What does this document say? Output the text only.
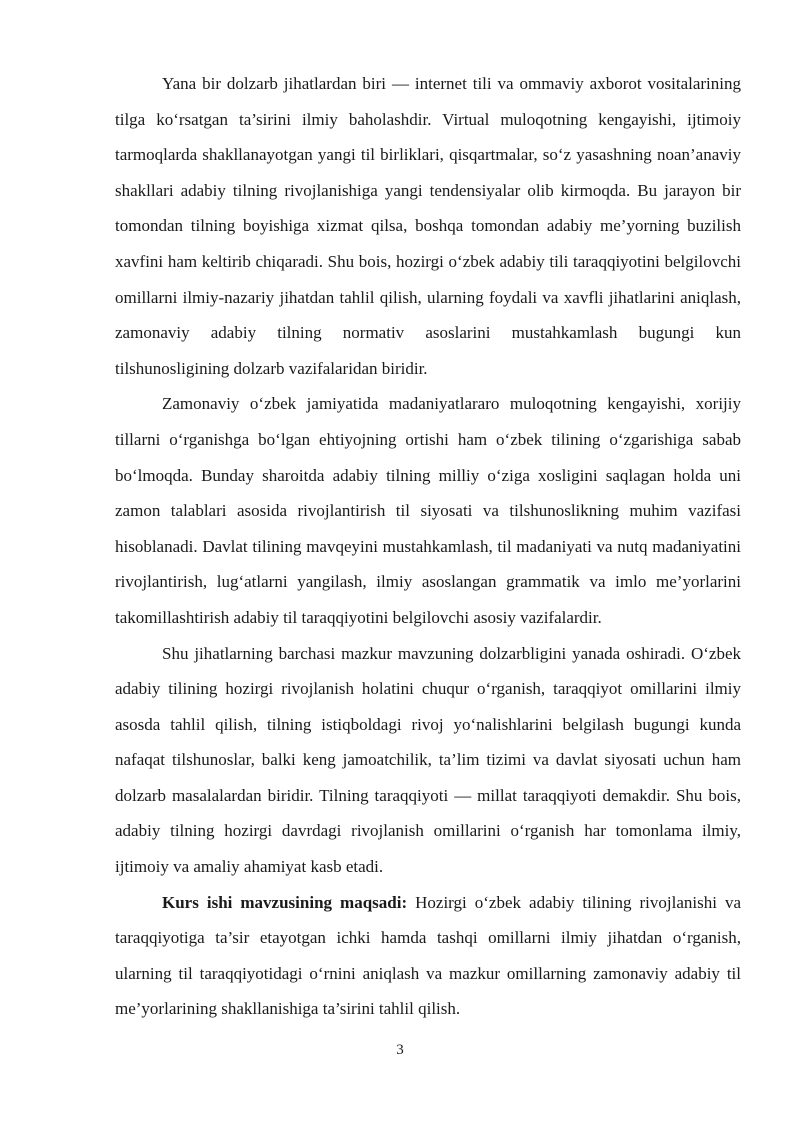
Yana bir dolzarb jihatlardan biri — internet tili va ommaviy axborot vositalarining tilga ko‘rsatgan ta’sirini ilmiy baholashdir. Virtual muloqotning kengayishi, ijtimoiy tarmoqlarda shakllanayotgan yangi til birliklari, qisqartmalar, so‘z yasashning noan’anaviy shakllari adabiy tilning rivojlanishiga yangi tendensiyalar olib kirmoqda. Bu jarayon bir tomondan tilning boyishiga xizmat qilsa, boshqa tomondan adabiy me’yorning buzilish xavfini ham keltirib chiqaradi. Shu bois, hozirgi o‘zbek adabiy tili taraqqiyotini belgilovchi omillarni ilmiy-nazariy jihatdan tahlil qilish, ularning foydali va xavfli jihatlarini aniqlash, zamonaviy adabiy tilning normativ asoslarini mustahkamlash bugungi kun tilshunosligining dolzarb vazifalaridan biridir.

Zamonaviy o‘zbek jamiyatida madaniyatlararo muloqotning kengayishi, xorijiy tillarni o‘rganishga bo‘lgan ehtiyojning ortishi ham o‘zbek tilining o‘zgarishiga sabab bo‘lmoqda. Bunday sharoitda adabiy tilning milliy o‘ziga xosligini saqlagan holda uni zamon talablari asosida rivojlantirish til siyosati va tilshunoslikning muhim vazifasi hisoblanadi. Davlat tilining mavqeyini mustahkamlash, til madaniyati va nutq madaniyatini rivojlantirish, lug‘atlarni yangilash, ilmiy asoslangan grammatik va imlo me’yorlarini takomillashtirish adabiy til taraqqiyotini belgilovchi asosiy vazifalardir.

Shu jihatlarning barchasi mazkur mavzuning dolzarbligini yanada oshiradi. O‘zbek adabiy tilining hozirgi rivojlanish holatini chuqur o‘rganish, taraqqiyot omillarini ilmiy asosda tahlil qilish, tilning istiqboldagi rivoj yo‘nalishlarini belgilash bugungi kunda nafaqat tilshunoslar, balki keng jamoatchilik, ta’lim tizimi va davlat siyosati uchun ham dolzarb masalalardan biridir. Tilning taraqqiyoti — millat taraqqiyoti demakdir. Shu bois, adabiy tilning hozirgi davrdagi rivojlanish omillarini o‘rganish har tomonlama ilmiy, ijtimoiy va amaliy ahamiyat kasb etadi.

Kurs ishi mavzusining maqsadi: Hozirgi o‘zbek adabiy tilining rivojlanishi va taraqqiyotiga ta’sir etayotgan ichki hamda tashqi omillarni ilmiy jihatdan o‘rganish, ularning til taraqqiyotidagi o‘rnini aniqlash va mazkur omillarning zamonaviy adabiy til me’yorlarining shakllanishiga ta’sirini tahlil qilish.

3
